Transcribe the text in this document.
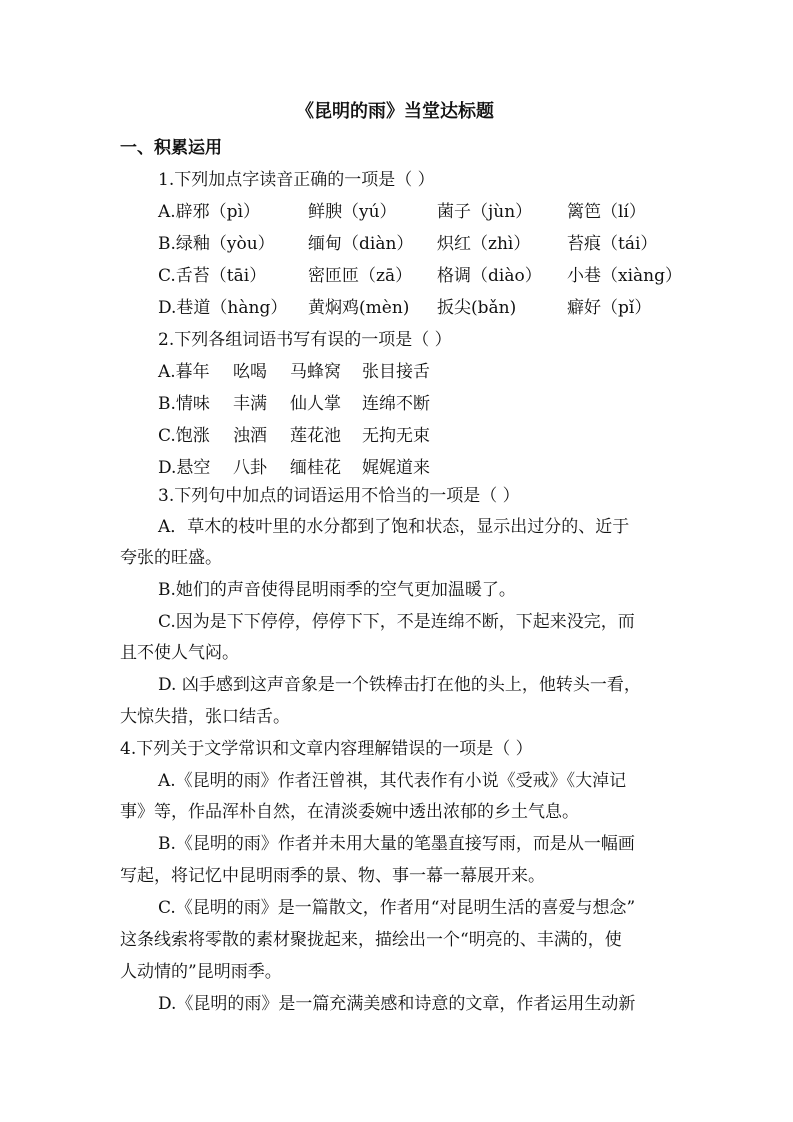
《昆明的雨》当堂达标题
一、积累运用
1.下列加点字读音正确的一项是（ ）
A.辟邪（pì）	鲜腴（yú） 菌子（jùn） 篱笆（lí）
B.绿釉（yòu） 缅甸（diàn） 炽红（zhì） 苔痕（tái）
C.舌苔（tāi） 密匝匝（zā） 格调（diào） 小巷（xiàng）
D.巷道（hàng） 黄焖鸡(mèn) 扳尖(bǎn)	癖好（pǐ）
2.下列各组词语书写有误的一项是（ ）
A.暮年 吆喝 马蜂窝 张目接舌
B.情味 丰满 仙人掌 连绵不断
C.饱涨 浊酒 莲花池 无拘无束
D.悬空 八卦 缅桂花 娓娓道来
3.下列句中加点的词语运用不恰当的一项是（ ）
A．草木的枝叶里的水分都到了饱和状态，显示出过分的、近于
夸张的旺盛。
B.她们的声音使得昆明雨季的空气更加温暖了。
C.因为是下下停停，停停下下，不是连绵不断，下起来没完，而
且不使人气闷。
D. 凶手感到这声音象是一个铁棒击打在他的头上，他转头一看，
大惊失措，张口结舌。
4.下列关于文学常识和文章内容理解错误的一项是（ ）
A.《昆明的雨》作者汪曾祺，其代表作有小说《受戒》《大淖记
事》等，作品浑朴自然，在清淡委婉中透出浓郁的乡土气息。
B.《昆明的雨》作者并未用大量的笔墨直接写雨，而是从一幅画
写起，将记忆中昆明雨季的景、物、事一幕一幕展开来。
C.《昆明的雨》是一篇散文，作者用“对昆明生活的喜爱与想念”
这条线索将零散的素材聚拢起来，描绘出一个“明亮的、丰满的，使
人动情的”昆明雨季。
D.《昆明的雨》是一篇充满美感和诗意的文章，作者运用生动新
